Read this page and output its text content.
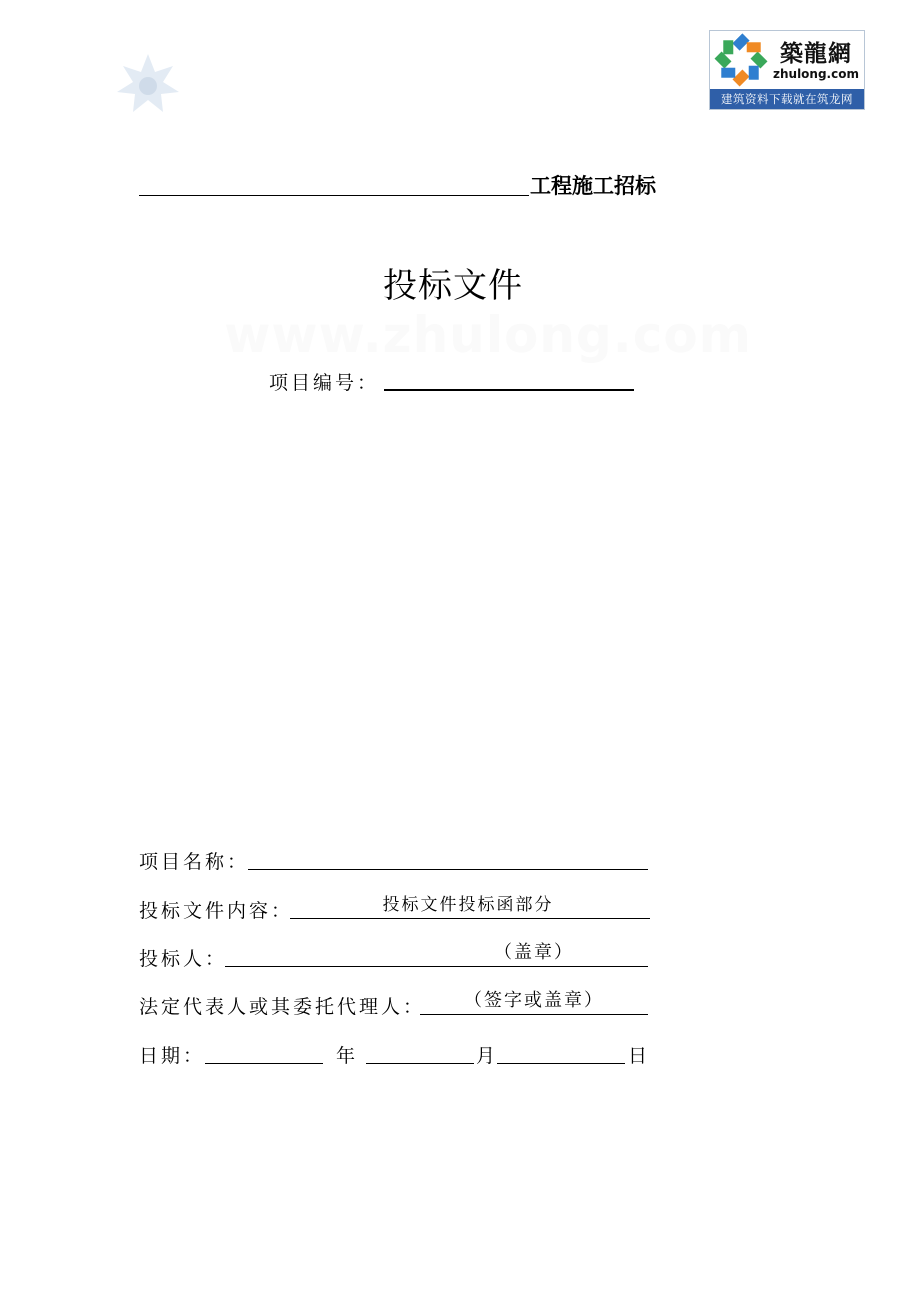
築龍網
zhulong.com
建筑资料下载就在筑龙网
工程施工招标
投标文件
www.zhulong.com
项目编号：
项目名称：
投标文件内容：	投标文件投标函部分
投标人：	（盖章）
法定代表人或其委托代理人： （签字或盖章）
日期：	年	月	日
